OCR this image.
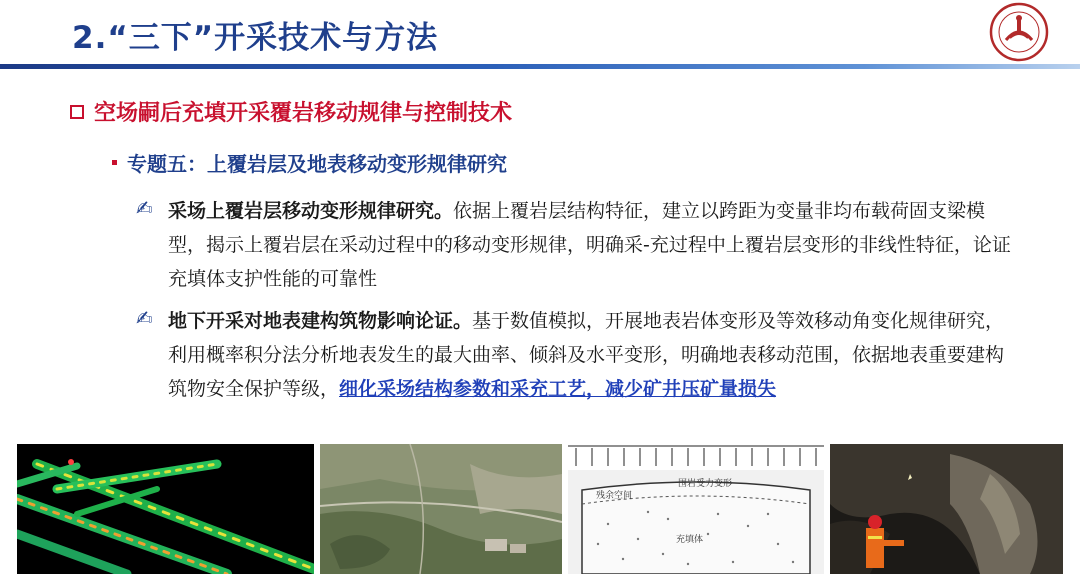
2.“三下”开采技术与方法
空场嗣后充填开采覆岩移动规律与控制技术
专题五：上覆岩层及地表移动变形规律研究
✍ 采场上覆岩层移动变形规律研究。依据上覆岩层结构特征，建立以跨距为变量非均布载荷固支梁模型，揭示上覆岩层在采动过程中的移动变形规律，明确采-充过程中上覆岩层变形的非线性特征，论证充填体支护性能的可靠性
✍ 地下开采对地表建构筑物影响论证。基于数值模拟，开展地表岩体变形及等效移动角变化规律研究，利用概率积分法分析地表发生的最大曲率、倾斜及水平变形，明确地表移动范围，依据地表重要建构筑物安全保护等级，细化采场结构参数和采充工艺，减少矿井压矿量损失
围岩受力变形
残余空间
充填体
